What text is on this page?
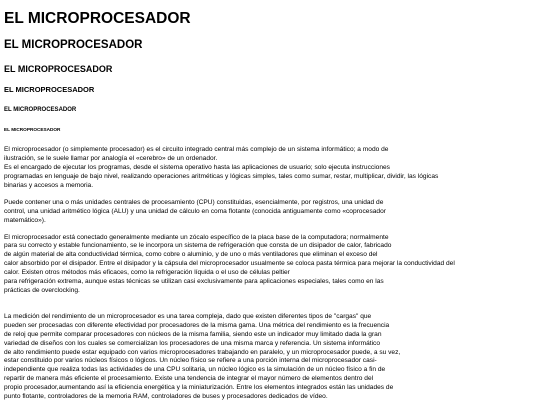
EL MICROPROCESADOR
EL MICROPROCESADOR
EL MICROPROCESADOR
EL MICROPROCESADOR
EL MICROPROCESADOR
EL MICROPROCESADOR

El microprocesador (o simplemente procesador) es el circuito integrado central más complejo de un sistema informático; a modo de
ilustración, se le suele llamar por analogía el «cerebro» de un ordenador.
Es el encargado de ejecutar los programas, desde el sistema operativo hasta las aplicaciones de usuario; solo ejecuta instrucciones
programadas en lenguaje de bajo nivel, realizando operaciones aritméticas y lógicas simples, tales como sumar, restar, multiplicar, dividir, las lógicas
binarias y accesos a memoria.

Puede contener una o más unidades centrales de procesamiento (CPU) constituidas, esencialmente, por registros, una unidad de
control, una unidad aritmético lógica (ALU) y una unidad de cálculo en coma flotante (conocida antiguamente como «coprocesador
matemático»).

El microprocesador está conectado generalmente mediante un zócalo específico de la placa base de la computadora; normalmente
para su correcto y estable funcionamiento, se le incorpora un sistema de refrigeración que consta de un disipador de calor, fabricado
de algún material de alta conductividad térmica, como cobre o aluminio, y de uno o más ventiladores que eliminan el exceso del
calor absorbido por el disipador. Entre el disipador y la cápsula del microprocesador usualmente se coloca pasta térmica para mejorar la conductividad del
calor. Existen otros métodos más eficaces, como la refrigeración líquida o el uso de células peltier
para refrigeración extrema, aunque estas técnicas se utilizan casi exclusivamente para aplicaciones especiales, tales como en las
prácticas de overclocking.

La medición del rendimiento de un microprocesador es una tarea compleja, dado que existen diferentes tipos de "cargas" que
pueden ser procesadas con diferente efectividad por procesadores de la misma gama. Una métrica del rendimiento es la frecuencia
de reloj que permite comparar procesadores con núcleos de la misma familia, siendo este un indicador muy limitado dada la gran
variedad de diseños con los cuales se comercializan los procesadores de una misma marca y referencia. Un sistema informático
de alto rendimiento puede estar equipado con varios microprocesadores trabajando en paralelo, y un microprocesador puede, a su vez,
estar constituido por varios núcleos físicos o lógicos. Un núcleo físico se refiere a una porción interna del microprocesador casi-
independiente que realiza todas las actividades de una CPU solitaria, un núcleo lógico es la simulación de un núcleo físico a fin de
repartir de manera más eficiente el procesamiento. Existe una tendencia de integrar el mayor número de elementos dentro del
propio procesador,aumentando así la eficiencia energética y la miniaturización. Entre los elementos integrados están las unidades de
punto flotante, controladores de la memoria RAM, controladores de buses y procesadores dedicados de vídeo.
